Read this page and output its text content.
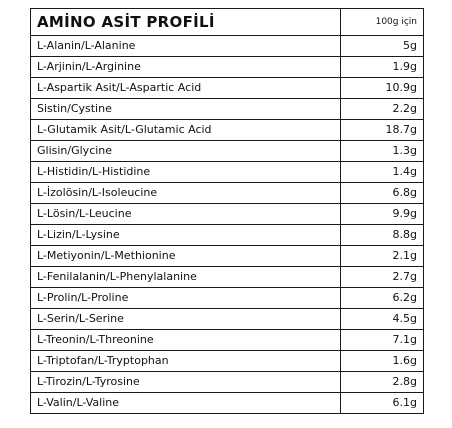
AMİNO ASİT PROFİLİ	100g için
L-Alanin/L-Alanine	5g
L-Arjinin/L-Arginine	1.9g
L-Aspartik Asit/L-Aspartic Acid	10.9g
Sistin/Cystine	2.2g
L-Glutamik Asit/L-Glutamic Acid	18.7g
Glisin/Glycine	1.3g
L-Histidin/L-Histidine	1.4g
L-İzolösin/L-Isoleucine	6.8g
L-Lösin/L-Leucine	9.9g
L-Lizin/L-Lysine	8.8g
L-Metiyonin/L-Methionine	2.1g
L-Fenilalanin/L-Phenylalanine	2.7g
L-Prolin/L-Proline	6.2g
L-Serin/L-Serine	4.5g
L-Treonin/L-Threonine	7.1g
L-Triptofan/L-Tryptophan	1.6g
L-Tirozin/L-Tyrosine	2.8g
L-Valin/L-Valine	6.1g
